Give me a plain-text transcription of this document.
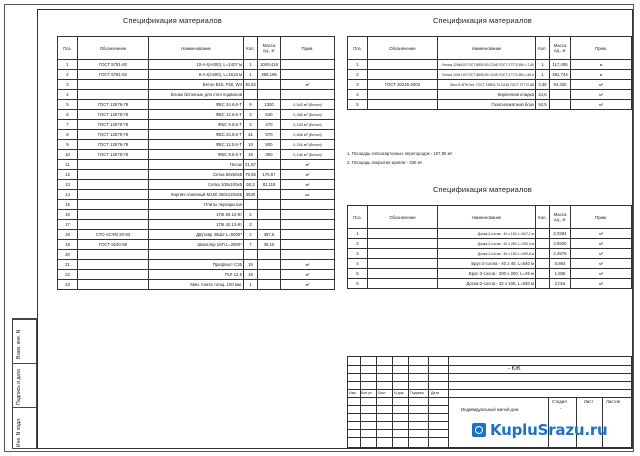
Взам. инв. N
Подпись и дата
Инв. N подл.
Спецификация материалов
Поз.	Обозначение	Наименование	Кол.	Масса ед., кг	Прим.
1	ГОСТ 5781-82	10-А-I(А400), L=1407 м	1	1049,416	
2	ГОСТ 5781-82	6-А-I(А400), L=1618 м	1	359,196	
3		Бетон В15, F50, W4	30,52		м³
4		Блоки бетонные для стен подвалов			
5	ГОСТ 13579-78	ФБС 24.6.6-Т	9	1300	0,543 м³ (Бетон)
6	ГОСТ 13579-78	ФБС 12.6.6-Т	3	640	0,265 м³ (Бетон)
7	ГОСТ 13579-78	ФБС 9.6.6-Т	3	470	0,193 м³ (Бетон)
8	ГОСТ 13579-78	ФБС 24.5.6-Т	31	970	0,406 м³ (Бетон)
9	ГОСТ 13579-78	ФБС 12.5.6-Т	10	500	0,216 м³ (Бетон)
10	ГОСТ 13579-78	ФБС 9.5.6-Т	15	350	0,146 м³ (Бетон)
11		Песок	21,67		м³
12		Сетка 50х50х5	79,55	176,67	м²
13		Сетка 100х100х5	50,3	82,118	м²
14		Кирпич глиняный М150 250х120х65	3530		шт.
15		Плиты перекрытия			
16		1ПК 60.12-8т	4		
17		1ПК 42.12-8т	3		
18	СТО АСЧМ 20-93	Двутавр 35Ш2 L=5000*	2	397,6	
19	ГОСТ 8240-89	Швеллер 16П L=2800*	7	39,10	
20					
21		Профлист С35	15		м²
22		ГКЛ 12,5	15		м²
23		Мин. плита толщ. 100 мм.	1		м³
Спецификация материалов
Поз.	Обозначение	Наименование	Кол.	Масса ед., кг	Прим.
1		Уголок 125х8-В ГОСТ 8509-93 С245 ГОСТ 27772-88 L=7,60	1	117,495	м
2		Уголок 100х7-В ГОСТ 8509-93 С245 ГОСТ 27772-88 L=39,6	1	381,744	м
3	ГОСТ 30245-2003	Лист б-ЗПН-5ст. ГОСТ 19903-74 С245 ГОСТ 27772-88	2,46	94,325	м²
4		Кирпичная кладка	24,6		м³
5		Газосиликатный блок	94,5		м³
1. Площадь гипсокартонных перегородок - 107,85 м².
2. Площадь покрытия кровли - 330 м².
Спецификация материалов
Поз.	Обозначение	Наименование	Кол.	Масса ед., кг	Прим.
1		Доска-2-сосна - 40 х 100, L=507,1 м		2,0284	м³
2		Доска-2-сосна - 40 х 250, L=259,3 м		2,5930	м³
3		Доска-2-сосна - 40 х 150, L=409,6 м		2,4576	м³
4		Брус-2-сосна - 40 х 40, L=540 м		0,864	м³
5		Брус-2-сосна - 200 х 200, L=45 м		1,936	м³
6		Доска-2-сосна - 32 х 100, L=630 м		2,016	м³
- КЖ
Изм. Кол.уч Лист N док. Подпись Дата
Стадия	Лист	Листов
Индивидуальный жилой дом	-
KupluSrazu.ru
